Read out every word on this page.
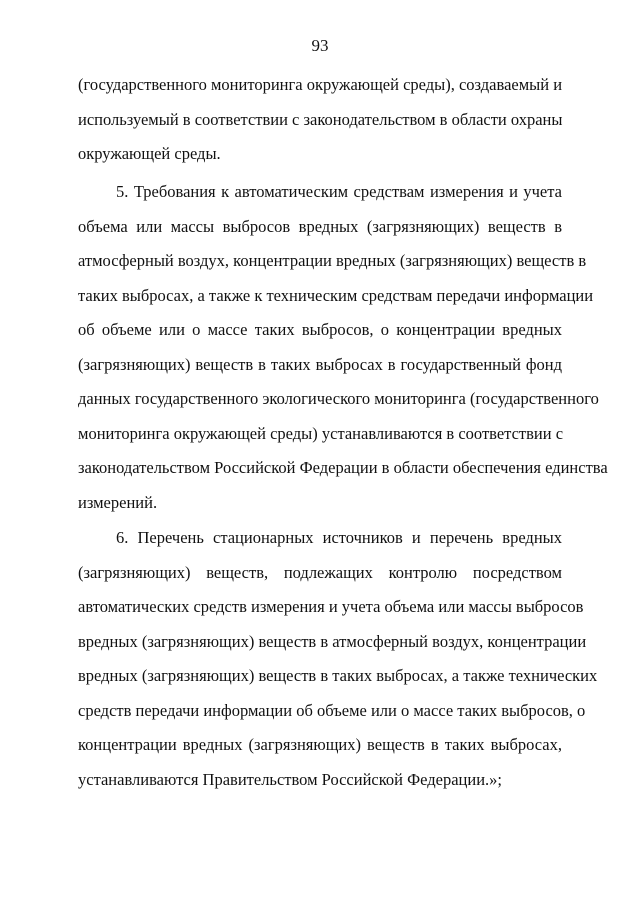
93
(государственного мониторинга окружающей среды), создаваемый и
используемый в соответствии с законодательством в области охраны
окружающей среды.
5. Требования к автоматическим средствам измерения и учета
объема или массы выбросов вредных (загрязняющих) веществ в
атмосферный воздух, концентрации вредных (загрязняющих) веществ в
таких выбросах, а также к техническим средствам передачи информации
об объеме или о массе таких выбросов, о концентрации вредных
(загрязняющих) веществ в таких выбросах в государственный фонд
данных государственного экологического мониторинга (государственного
мониторинга окружающей среды) устанавливаются в соответствии с
законодательством Российской Федерации в области обеспечения единства
измерений.
6. Перечень стационарных источников и перечень вредных
(загрязняющих) веществ, подлежащих контролю посредством
автоматических средств измерения и учета объема или массы выбросов
вредных (загрязняющих) веществ в атмосферный воздух, концентрации
вредных (загрязняющих) веществ в таких выбросах, а также технических
средств передачи информации об объеме или о массе таких выбросов, о
концентрации вредных (загрязняющих) веществ в таких выбросах,
устанавливаются Правительством Российской Федерации.»;
